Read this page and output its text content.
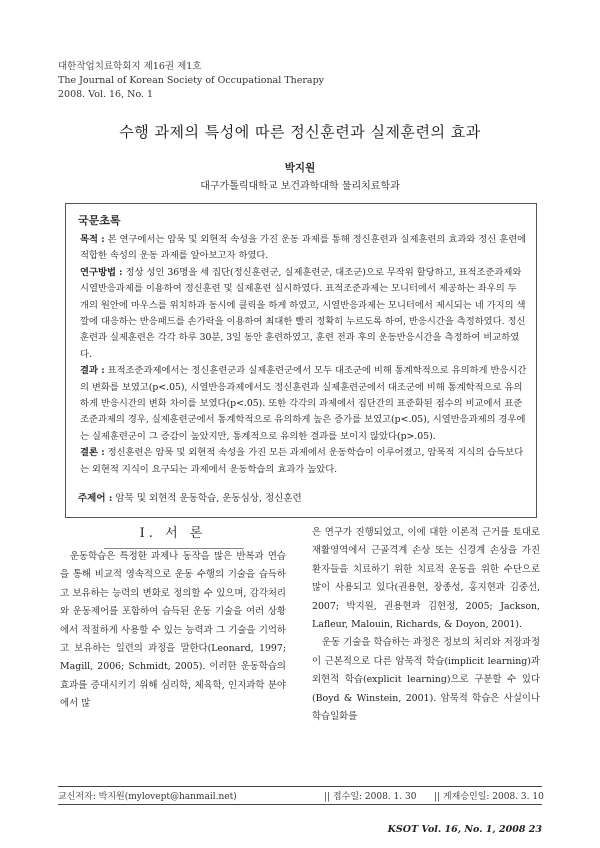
대한작업치료학회지 제16권 제1호
The Journal of Korean Society of Occupational Therapy
2008. Vol. 16, No. 1
수행 과제의 특성에 따른 정신훈련과 실제훈련의 효과
박지원
대구가톨릭대학교 보건과학대학 물리치료학과
국문초록

목적 : 본 연구에서는 암묵 및 외현적 속성을 가진 운동 과제를 통해 정신훈련과 실제훈련의 효과와 정신 훈련에 적합한 속성의 운동 과제를 알아보고자 하였다.

연구방법 : 정상 성인 36명을 세 집단(정신훈련군, 실제훈련군, 대조군)으로 무작위 할당하고, 표적조준과제와 시열반응과제를 이용하여 정신훈련 및 실제훈련 실시하였다. 표적조준과제는 모니터에서 제공하는 좌우의 두 개의 원안에 마우스를 위치하과 동시에 클릭을 하게 하였고, 시열반응과제는 모니터에서 제시되는 네 가지의 색깔에 대응하는 반응패드를 손가락을 이용하여 최대한 빨리 정확히 누르도록 하여, 반응시간을 측정하였다. 정신훈련과 실제훈련은 각각 하루 30분, 3일 동안 훈련하였고, 훈련 전과 후의 운동반응시간을 측정하여 비교하였다.

결과 : 표적조준과제에서는 정신훈련군과 실제훈련군에서 모두 대조군에 비해 통계학적으로 유의하게 반응시간의 변화를 보였고(p<.05), 시열반응과제에서도 정신훈련과 실제훈련군에서 대조군에 비해 통계학적으로 유의하게 반응시간의 변화 차이를 보였다(p<.05). 또한 각각의 과제에서 집단간의 표준화된 점수의 비교에서 표준조준과제의 경우, 실제훈련군에서 통계학적으로 유의하게 높은 증가를 보였고(p<.05), 시열반응과제의 경우에는 실제훈련군이 그 증감이 높았지만, 통계적으로 유의한 결과를 보이지 않았다(p>.05).

결론 : 정신훈련은 암묵 및 외현적 속성을 가진 모든 과제에서 운동학습이 이루어졌고, 암묵적 지식의 습득보다는 외현적 지식이 요구되는 과제에서 운동학습의 효과가 높았다.

주제어 : 암묵 및 외현적 운동학습, 운동심상, 정신훈련
Ⅰ. 서 론

운동학습은 특정한 과제나 동작을 많은 반복과 연습을 통해 비교적 영속적으로 운동 수행의 기술을 습득하고 보유하는 능력의 변화로 정의할 수 있으며, 감각처리와 운동제어를 포함하여 습득된 운동 기술을 여러 상황에서 적절하게 사용할 수 있는 능력과 그 기술을 기억하고 보유하는 일련의 과정을 말한다(Leonard, 1997; Magill, 2006; Schmidt, 2005). 이러한 운동학습의 효과를 증대시키기 위해 심리학, 체육학, 인지과학 분야에서 많

은 연구가 진행되었고, 이에 대한 이론적 근거를 토대로 재활영역에서 근골격계 손상 또는 신경계 손상을 가진 환자들을 치료하기 위한 치료적 운동을 위한 수단으로 많이 사용되고 있다(권용현, 장종성, 홍지현과 김중선, 2007; 박지원, 권용현과 김현정, 2005; Jackson, Lafleur, Malouin, Richards, & Doyon, 2001).

운동 기술을 학습하는 과정은 정보의 처리와 저장과정이 근본적으로 다른 암묵적 학습(implicit learning)과 외현적 학습(explicit learning)으로 구분할 수 있다(Boyd & Winstein, 2001). 암묵적 학습은 사실이나 학습일화를

교신저자: 박지원(mylovept@hanmail.net)	|| 접수일: 2008. 1. 30 || 게재승인일: 2008. 3. 10
KSOT Vol. 16, No. 1, 2008 23
